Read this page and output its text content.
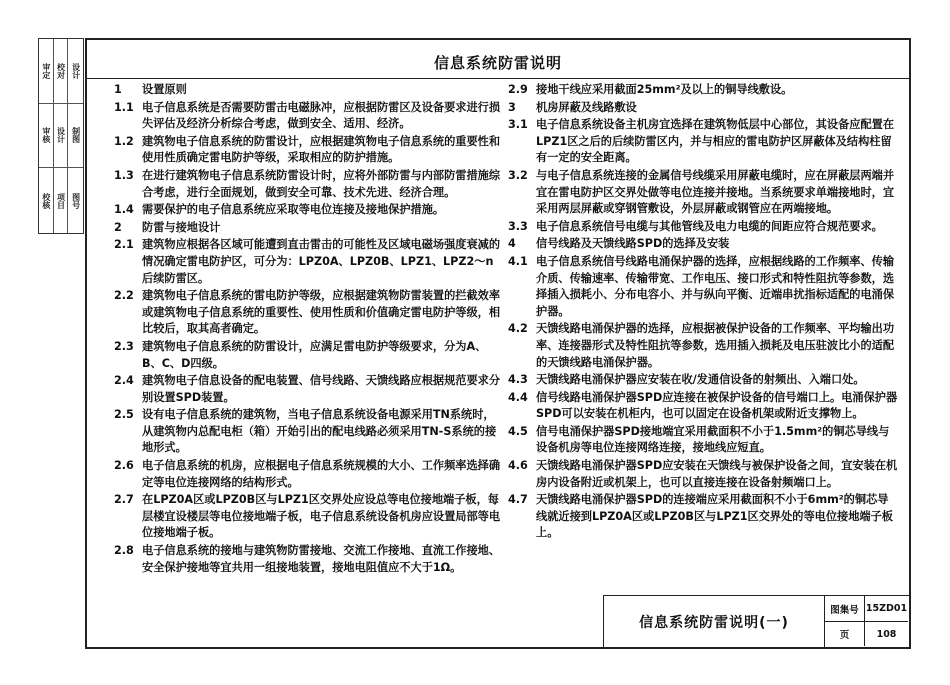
审定 校对 设计
审核 设计 制图
校核 项目 图号
信息系统防雷说明
1	设置原则
1.1 电子信息系统是否需要防雷击电磁脉冲，应根据防雷区及设备要求进行损失评估及经济分析综合考虑，做到安全、适用、经济。
1.2 建筑物电子信息系统的防雷设计，应根据建筑物电子信息系统的重要性和使用性质确定雷电防护等级，采取相应的防护措施。
1.3 在进行建筑物电子信息系统防雷设计时，应将外部防雷与内部防雷措施综合考虑，进行全面规划，做到安全可靠、技术先进、经济合理。
1.4 需要保护的电子信息系统应采取等电位连接及接地保护措施。
2	防雷与接地设计
2.1 建筑物应根据各区域可能遭到直击雷击的可能性及区域电磁场强度衰减的情况确定雷电防护区，可分为：LPZ0A、LPZ0B、LPZ1、LPZ2～n 后续防雷区。
2.2 建筑物电子信息系统的雷电防护等级，应根据建筑物防雷装置的拦截效率或建筑物电子信息系统的重要性、使用性质和价值确定雷电防护等级，相比较后，取其高者确定。
2.3 建筑物电子信息系统的防雷设计，应满足雷电防护等级要求，分为A、B、C、D四级。
2.4 建筑物电子信息设备的配电装置、信号线路、天馈线路应根据规范要求分别设置SPD装置。
2.5 设有电子信息系统的建筑物，当电子信息系统设备电源采用TN系统时，从建筑物内总配电柜（箱）开始引出的配电线路必须采用TN-S系统的接地形式。
2.6 电子信息系统的机房，应根据电子信息系统规模的大小、工作频率选择确定等电位连接网络的结构形式。
2.7 在LPZ0A区或LPZ0B区与LPZ1区交界处应设总等电位接地端子板，每层楼宜设楼层等电位接地端子板，电子信息系统设备机房应设置局部等电位接地端子板。
2.8 电子信息系统的接地与建筑物防雷接地、交流工作接地、直流工作接地、安全保护接地等宜共用一组接地装置，接地电阻值应不大于1Ω。
2.9 接地干线应采用截面25mm²及以上的铜导线敷设。
3	机房屏蔽及线路敷设
3.1 电子信息系统设备主机房宜选择在建筑物低层中心部位，其设备应配置在LPZ1区之后的后续防雷区内，并与相应的雷电防护区屏蔽体及结构柱留有一定的安全距离。
3.2 与电子信息系统连接的金属信号线缆采用屏蔽电缆时，应在屏蔽层两端并宜在雷电防护区交界处做等电位连接并接地。当系统要求单端接地时，宜采用两层屏蔽或穿钢管敷设，外层屏蔽或钢管应在两端接地。
3.3 电子信息系统信号电缆与其他管线及电力电缆的间距应符合规范要求。
4	信号线路及天馈线路SPD的选择及安装
4.1 电子信息系统信号线路电涌保护器的选择，应根据线路的工作频率、传输介质、传输速率、传输带宽、工作电压、接口形式和特性阻抗等参数，选择插入损耗小、分布电容小、并与纵向平衡、近端串扰指标适配的电涌保护器。
4.2 天馈线路电涌保护器的选择，应根据被保护设备的工作频率、平均输出功率、连接器形式及特性阻抗等参数，选用插入损耗及电压驻波比小的适配的天馈线路电涌保护器。
4.3 天馈线路电涌保护器应安装在收/发通信设备的射频出、入端口处。
4.4 信号线路电涌保护器SPD应连接在被保护设备的信号端口上。电涌保护器SPD可以安装在机柜内，也可以固定在设备机架或附近支撑物上。
4.5 信号电涌保护器SPD接地端宜采用截面积不小于1.5mm²的铜芯导线与设备机房等电位连接网络连接，接地线应短直。
4.6 天馈线路电涌保护器SPD应安装在天馈线与被保护设备之间，宜安装在机房内设备附近或机架上，也可以直接连接在设备射频端口上。
4.7 天馈线路电涌保护器SPD的连接端应采用截面积不小于6mm²的铜芯导线就近接到LPZ0A区或LPZ0B区与LPZ1区交界处的等电位接地端子板上。
信息系统防雷说明(一)
图集号 15ZD01
页	108
